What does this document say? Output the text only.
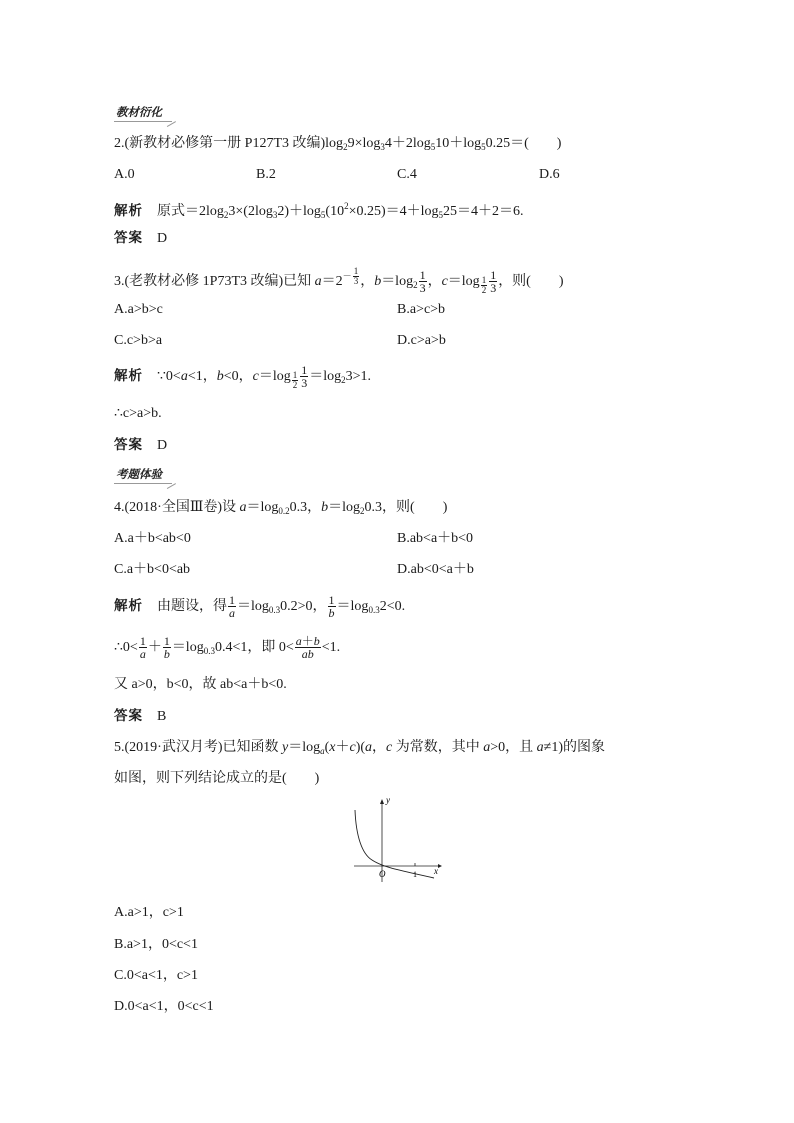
教材衍化
2.(新教材必修第一册 P127T3 改编)$\log_29\times\log_34+2\log_510+\log_50.25=$(　　)
A.0	B.2	C.4	D.6
解析 原式$=2\log_23\times(2\log_32)+\log_5(10^2\times 0.25)=4+\log_525=4+2=6$.
答案 D
3.(老教材必修 1P73T3 改编)已知 $a=2^{- \frac{1}{3}}$ ，$b=\log_2 \frac{1}{3}$ ，c＝log $_{\frac{1}{2}} \frac{1}{3}$ ，则(　　)
A.a>b>c	B.a>c>b
C.c>b>a	D.c>a>b
解析 ∵0<a<1，b<0，c＝log $_{\frac{1}{2}} \frac{1}{3} =\log_23>1$.
∴c>a>b.
答案 D
考题体验
4.(2018·全国Ⅲ卷)设 $a=\log_{0.2}0.3$，$b=\log_20.3$，则(　　)
A.a＋b<ab<0	B.ab<a＋b<0
C.a＋b<0<ab	D.ab<0<a＋b
解析 由题设，得 $\frac{1}{a} =\log_{0.3}0.2>0$， $\frac{1}{b} =\log_{0.3}2<0$.
∴0< $\frac{1}{a} + \frac{1}{b} =\log_{0.3}0.4<1$，即 $0< \frac{a+b}{ab} <1$.
又 a>0，b<0，故 ab<a＋b<0.
答案 B
5.(2019·武汉月考)已知函数 $y=\log_a(x+c)(a$，c 为常数，其中 a>0，且 a≠1)的图象
如图，则下列结论成立的是(　　)
y
x
O	1
A.a>1，c>1
B.a>1，0<c<1
C.0<a<1，c>1
D.0<a<1，0<c<1
